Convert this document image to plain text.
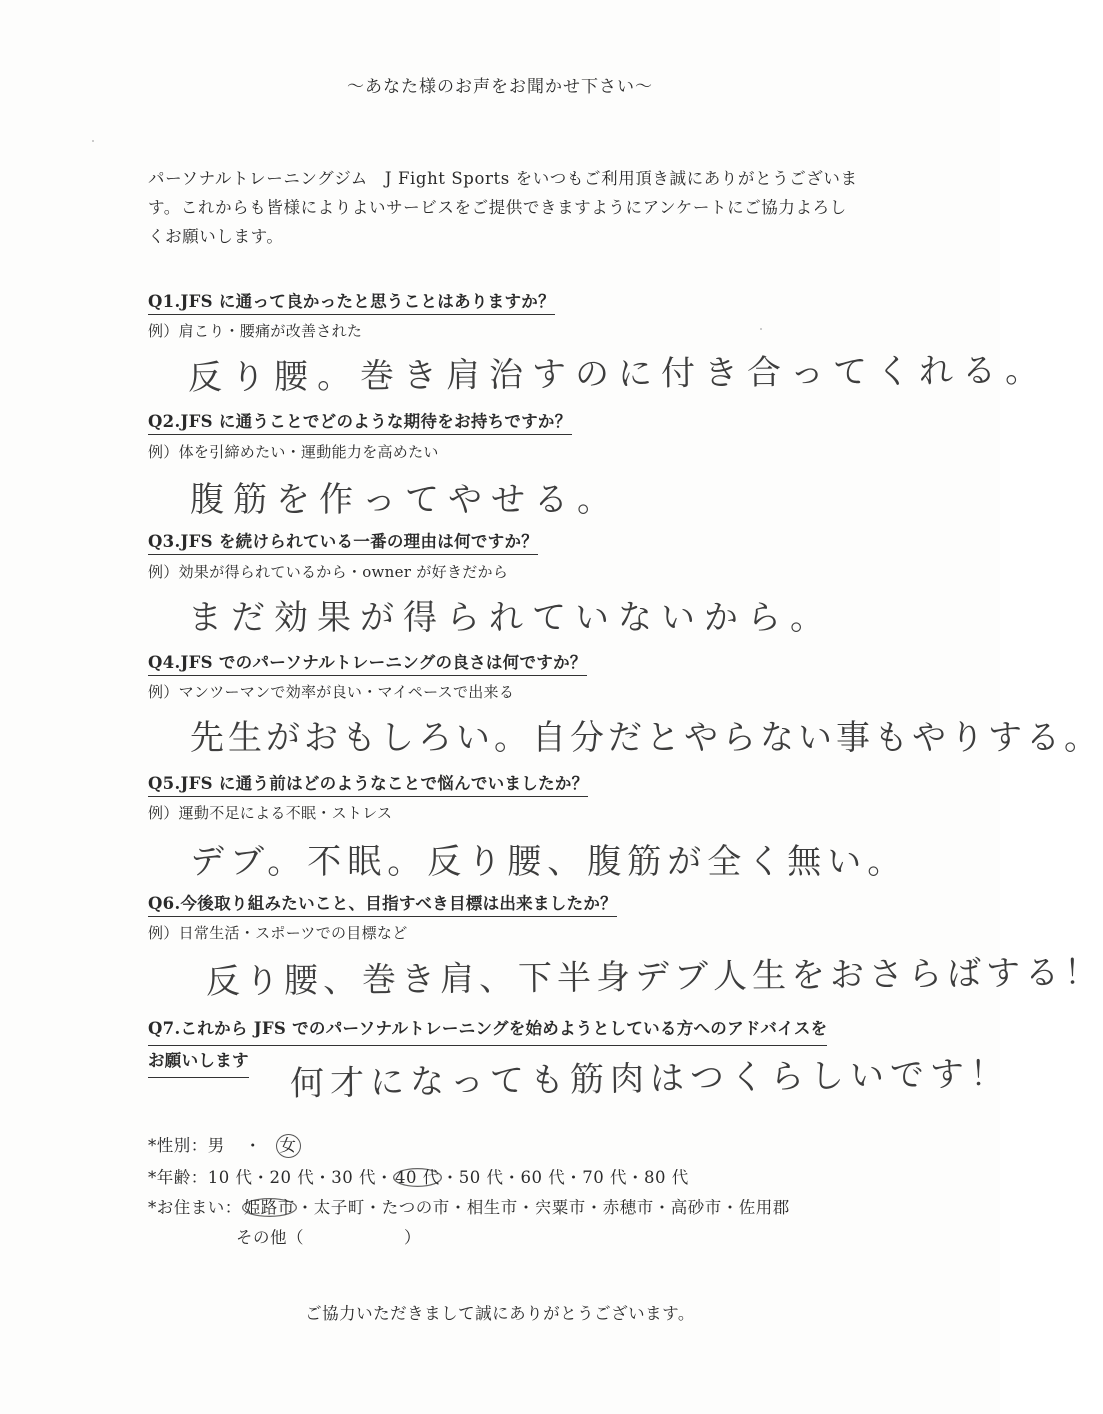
〜あなた様のお声をお聞かせ下さい〜
パーソナルトレーニングジム　J Fight Sports をいつもご利用頂き誠にありがとうございます。これからも皆様によりよいサービスをご提供できますようにアンケートにご協力よろしくお願いします。
Q1.JFS に通って良かったと思うことはありますか？
例）肩こり・腰痛が改善された
反り腰。巻き肩治すのに付き合ってくれる。
Q2.JFS に通うことでどのような期待をお持ちですか？
例）体を引締めたい・運動能力を高めたい
腹筋を作ってやせる。
Q3.JFS を続けられている一番の理由は何ですか？
例）効果が得られているから・owner が好きだから
まだ効果が得られていないから。
Q4.JFS でのパーソナルトレーニングの良さは何ですか？
例）マンツーマンで効率が良い・マイペースで出来る
先生がおもしろい。自分だとやらない事もやりする。
Q5.JFS に通う前はどのようなことで悩んでいましたか？
例）運動不足による不眠・ストレス
デブ。不眠。反り腰、腹筋が全く無い。
Q6.今後取り組みたいこと、目指すべき目標は出来ましたか？
例）日常生活・スポーツでの目標など
反り腰、巻き肩、下半身デブ人生をおさらばする！
Q7.これから JFS でのパーソナルトレーニングを始めようとしている方へのアドバイスを
お願いします	何才になっても筋肉はつくらしいです！
*性別：男 ・ 女
*年齢：10 代・20 代・30 代・ 40 代 ・50 代・60 代・70 代・80 代
*お住まい： 姫路市 ・太子町・たつの市・相生市・宍粟市・赤穂市・高砂市・佐用郡
その他（	）
ご協力いただきまして誠にありがとうございます。
